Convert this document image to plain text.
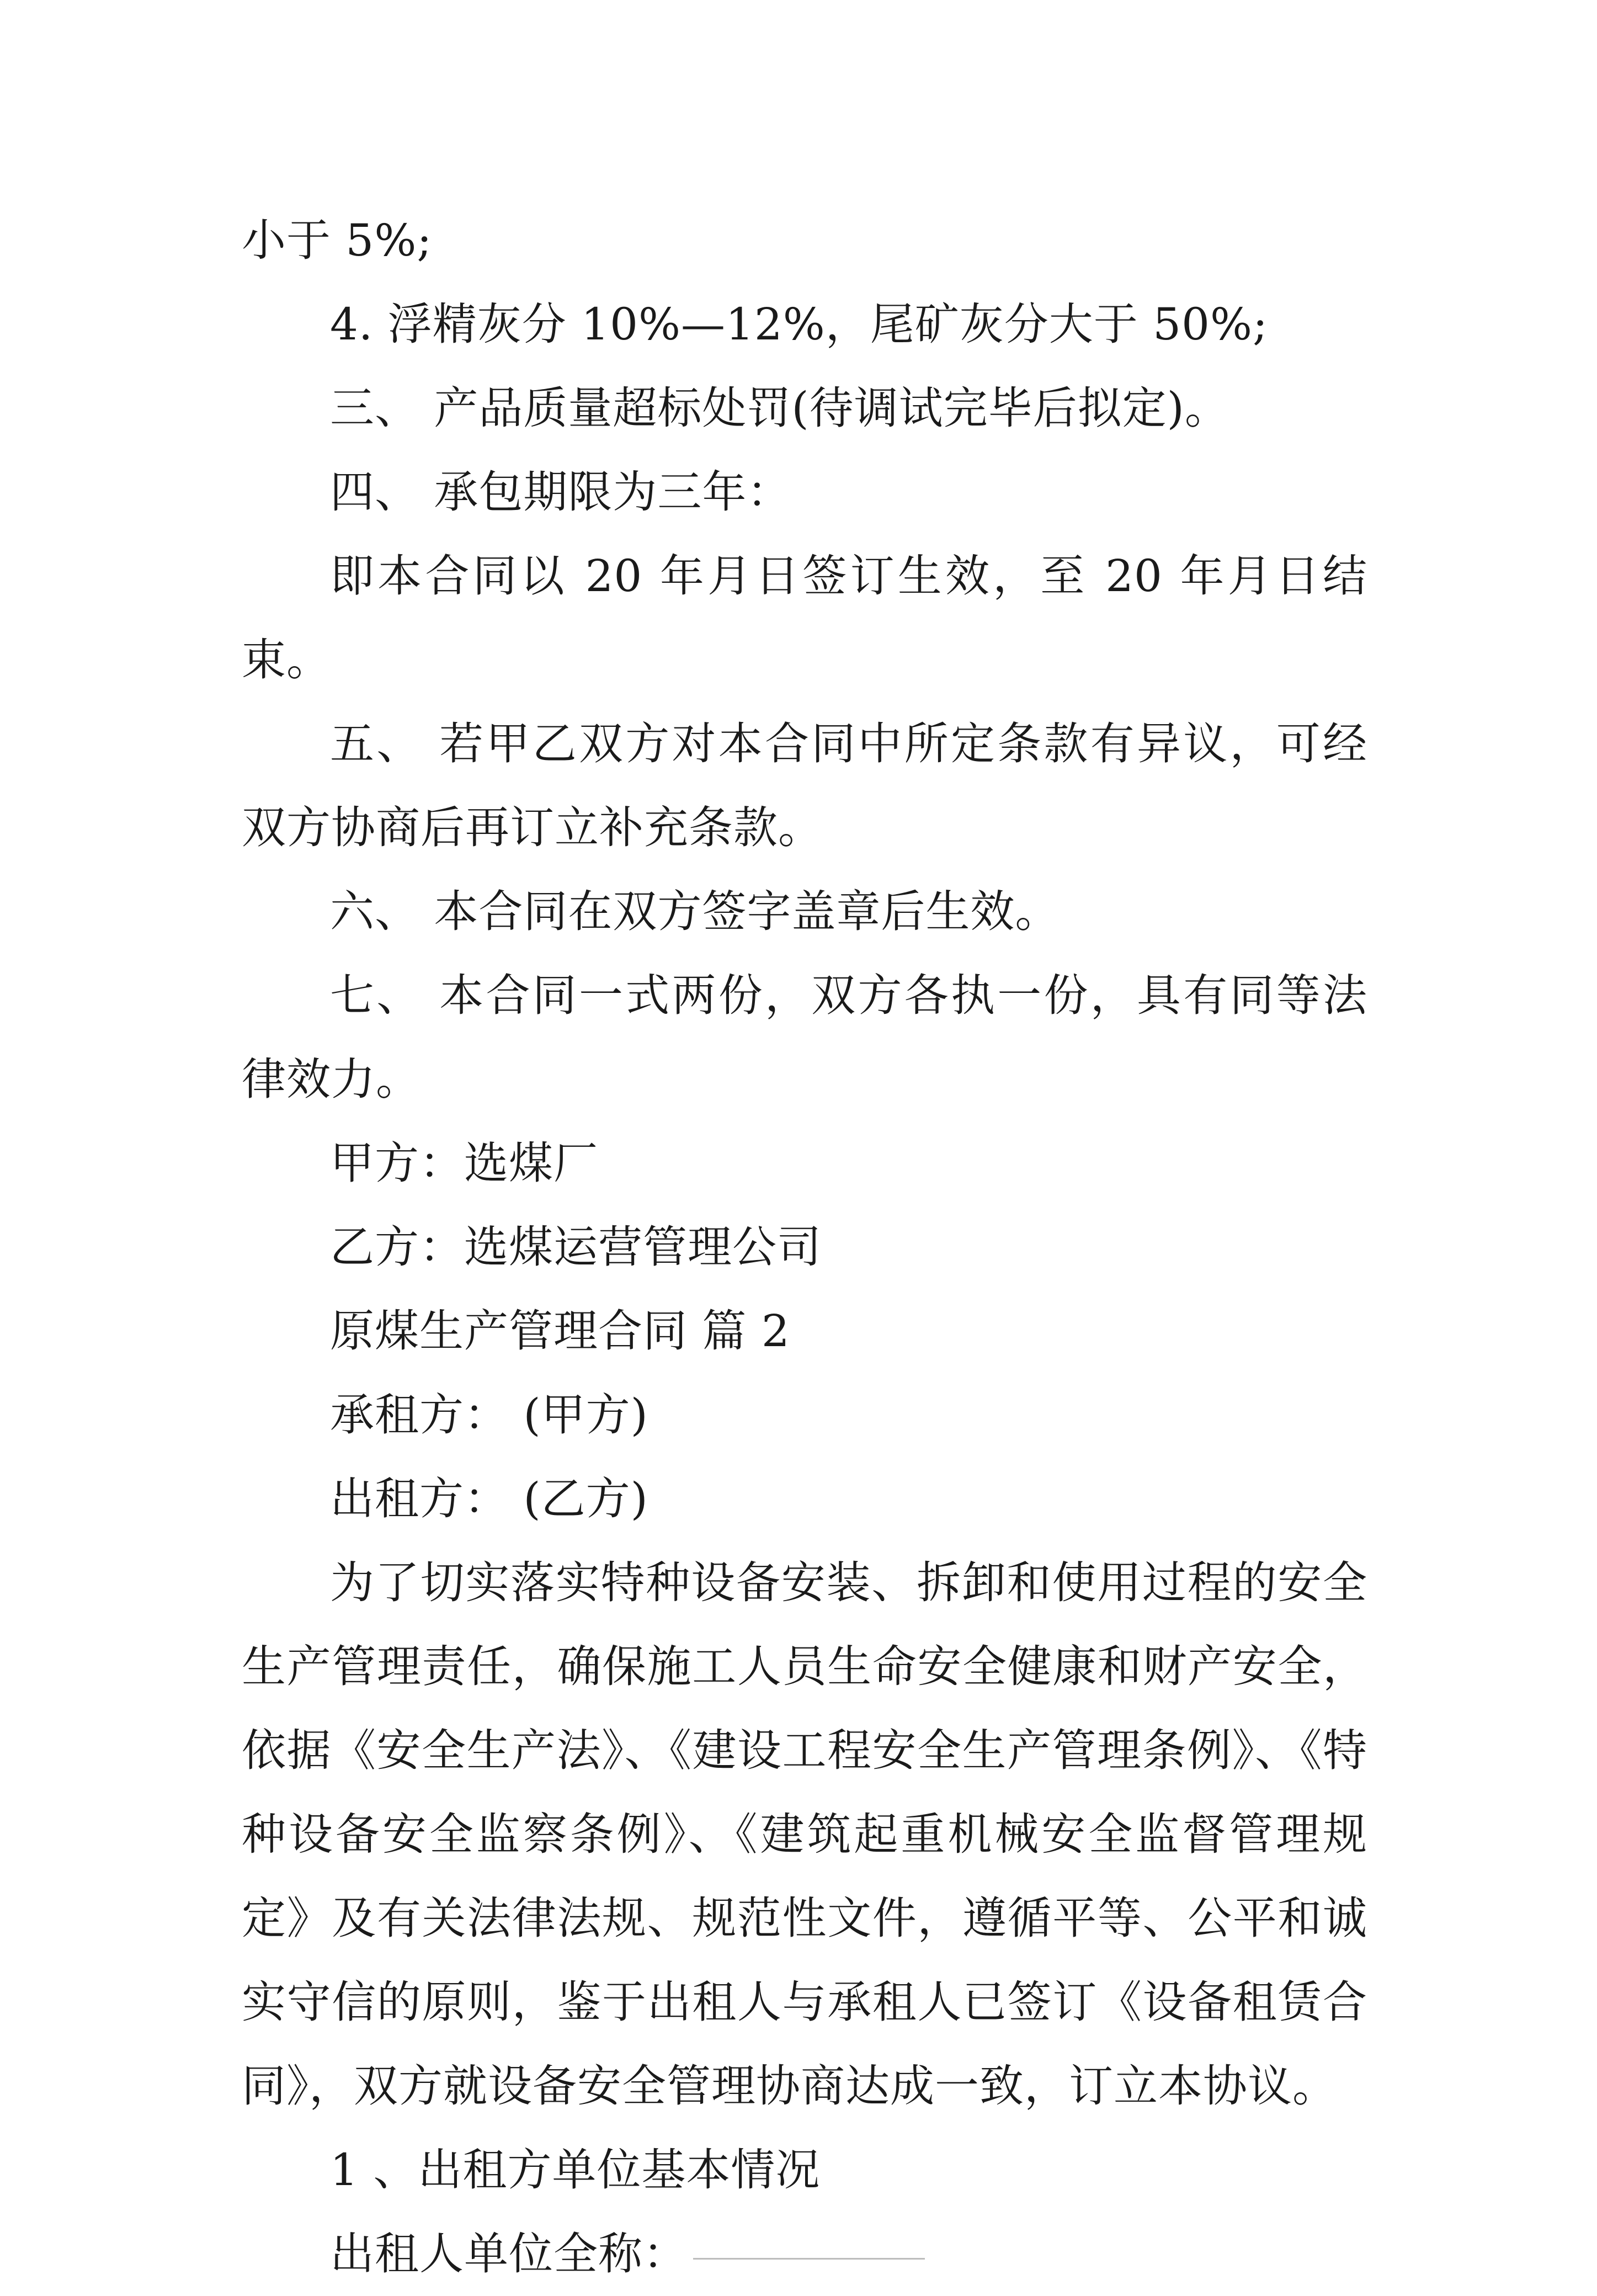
小于 5%;

4. 浮精灰分 10%—12%，尾矿灰分大于 50%;

三、 产品质量超标处罚(待调试完毕后拟定)。

四、 承包期限为三年：

即本合同以 20 年月日签订生效，至 20 年月日结束。

五、 若甲乙双方对本合同中所定条款有异议，可经双方协商后再订立补充条款。

六、 本合同在双方签字盖章后生效。

七、 本合同一式两份，双方各执一份，具有同等法律效力。

甲方：选煤厂

乙方：选煤运营管理公司

原煤生产管理合同 篇 2

承租方： (甲方)

出租方： (乙方)

为了切实落实特种设备安装、拆卸和使用过程的安全生产管理责任，确保施工人员生命安全健康和财产安全，依据《安全生产法》、《建设工程安全生产管理条例》、《特种设备安全监察条例》、《建筑起重机械安全监督管理规定》及有关法律法规、规范性文件，遵循平等、公平和诚实守信的原则，鉴于出租人与承租人已签订《设备租赁合同》，双方就设备安全管理协商达成一致，订立本协议。

1 、出租方单位基本情况

出租人单位全称：
